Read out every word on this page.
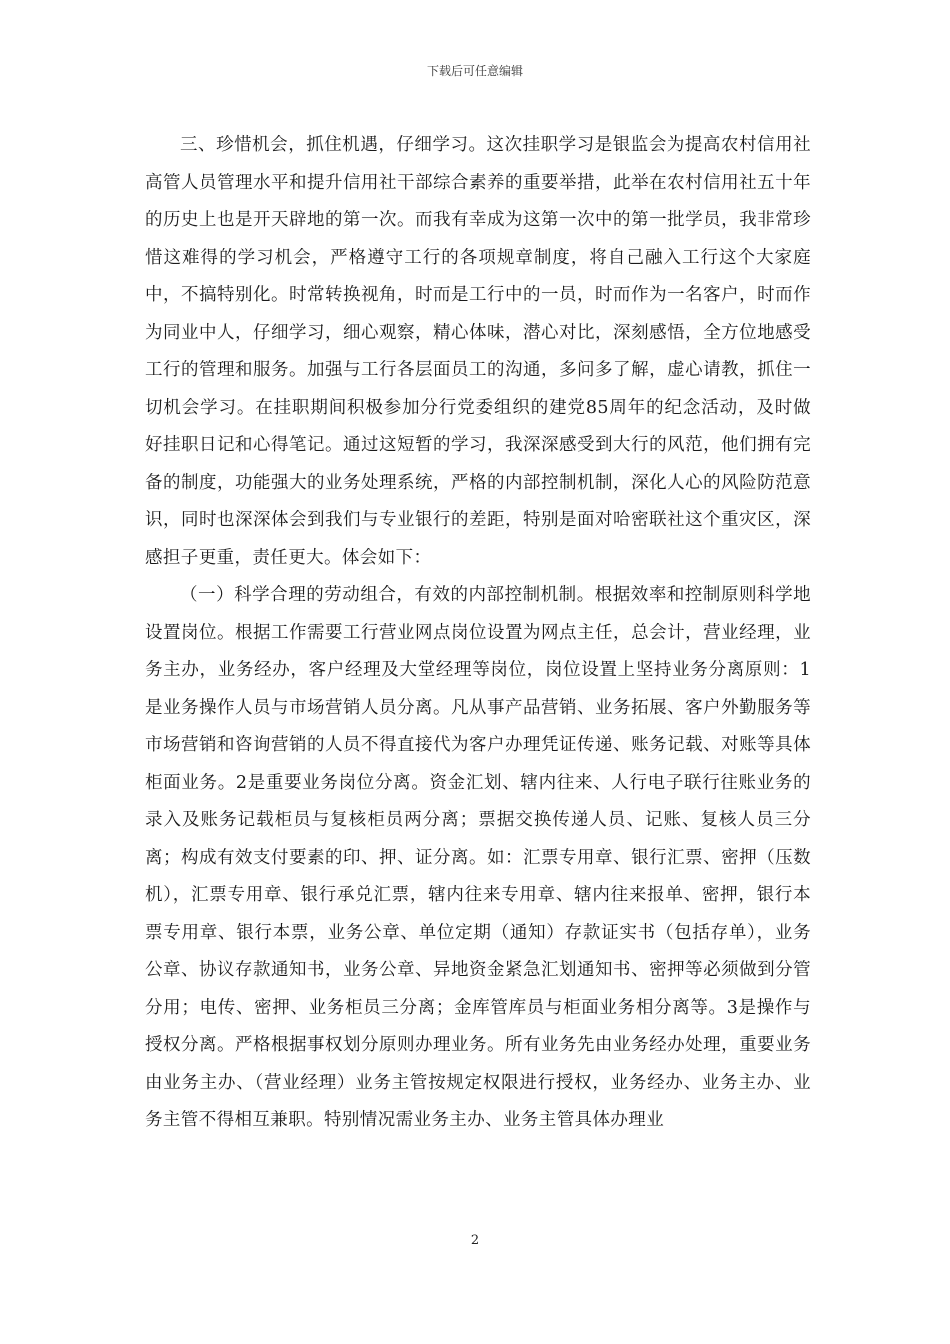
下载后可任意编辑

三、珍惜机会，抓住机遇，仔细学习。这次挂职学习是银监会为提高农村信用社高管人员管理水平和提升信用社干部综合素养的重要举措，此举在农村信用社五十年的历史上也是开天辟地的第一次。而我有幸成为这第一次中的第一批学员，我非常珍惜这难得的学习机会，严格遵守工行的各项规章制度，将自己融入工行这个大家庭中，不搞特别化。时常转换视角，时而是工行中的一员，时而作为一名客户，时而作为同业中人，仔细学习，细心观察，精心体味，潜心对比，深刻感悟，全方位地感受工行的管理和服务。加强与工行各层面员工的沟通，多问多了解，虚心请教，抓住一切机会学习。在挂职期间积极参加分行党委组织的建党85周年的纪念活动，及时做好挂职日记和心得笔记。通过这短暂的学习，我深深感受到大行的风范，他们拥有完备的制度，功能强大的业务处理系统，严格的内部控制机制，深化人心的风险防范意识，同时也深深体会到我们与专业银行的差距，特别是面对哈密联社这个重灾区，深感担子更重，责任更大。体会如下：

（一）科学合理的劳动组合，有效的内部控制机制。根据效率和控制原则科学地设置岗位。根据工作需要工行营业网点岗位设置为网点主任，总会计，营业经理，业务主办，业务经办，客户经理及大堂经理等岗位，岗位设置上坚持业务分离原则：1是业务操作人员与市场营销人员分离。凡从事产品营销、业务拓展、客户外勤服务等市场营销和咨询营销的人员不得直接代为客户办理凭证传递、账务记载、对账等具体柜面业务。2是重要业务岗位分离。资金汇划、辖内往来、人行电子联行往账业务的录入及账务记载柜员与复核柜员两分离；票据交换传递人员、记账、复核人员三分离；构成有效支付要素的印、押、证分离。如：汇票专用章、银行汇票、密押（压数机），汇票专用章、银行承兑汇票，辖内往来专用章、辖内往来报单、密押，银行本票专用章、银行本票，业务公章、单位定期（通知）存款证实书（包括存单），业务公章、协议存款通知书，业务公章、异地资金紧急汇划通知书、密押等必须做到分管分用；电传、密押、业务柜员三分离；金库管库员与柜面业务相分离等。3是操作与授权分离。严格根据事权划分原则办理业务。所有业务先由业务经办处理，重要业务由业务主办、（营业经理）业务主管按规定权限进行授权，业务经办、业务主办、业务主管不得相互兼职。特别情况需业务主办、业务主管具体办理业

2
